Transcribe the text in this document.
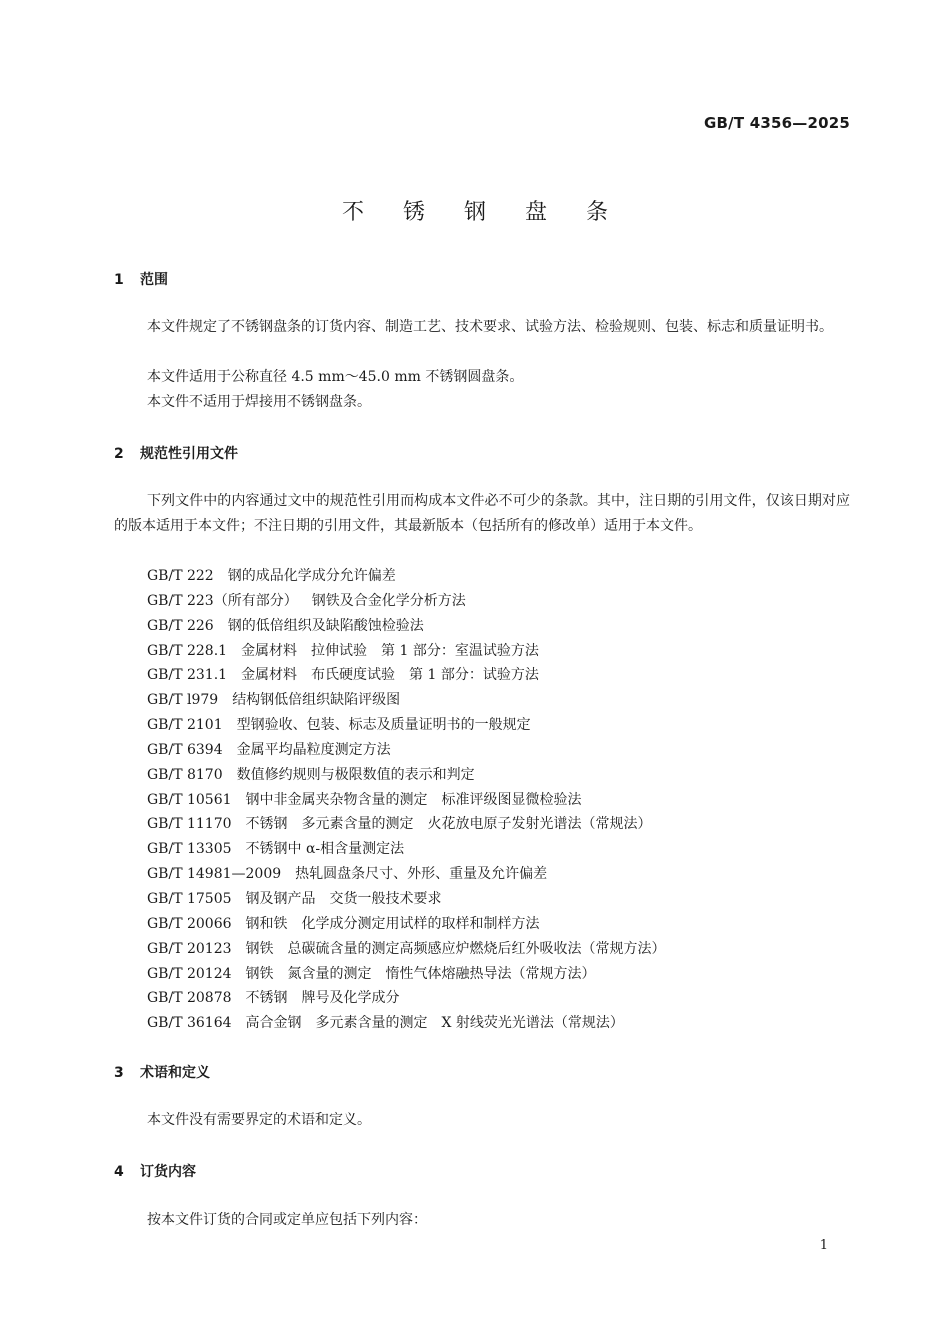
GB/T 4356—2025
不 锈 钢 盘 条
1 范围
本文件规定了不锈钢盘条的订货内容、制造工艺、技术要求、试验方法、检验规则、包装、标志和质量证明书。
本文件适用于公称直径 4.5 mm～45.0 mm 不锈钢圆盘条。
本文件不适用于焊接用不锈钢盘条。
2 规范性引用文件
下列文件中的内容通过文中的规范性引用而构成本文件必不可少的条款。其中，注日期的引用文件，仅该日期对应的版本适用于本文件；不注日期的引用文件，其最新版本（包括所有的修改单）适用于本文件。
GB/T 222 钢的成品化学成分允许偏差
GB/T 223（所有部分） 钢铁及合金化学分析方法
GB/T 226 钢的低倍组织及缺陷酸蚀检验法
GB/T 228.1 金属材料　拉伸试验　第 1 部分：室温试验方法
GB/T 231.1 金属材料　布氏硬度试验　第 1 部分：试验方法
GB/T l979 结构钢低倍组织缺陷评级图
GB/T 2101 型钢验收、包装、标志及质量证明书的一般规定
GB/T 6394 金属平均晶粒度测定方法
GB/T 8170 数值修约规则与极限数值的表示和判定
GB/T 10561 钢中非金属夹杂物含量的测定　标准评级图显微检验法
GB/T 11170 不锈钢　多元素含量的测定　火花放电原子发射光谱法（常规法）
GB/T 13305 不锈钢中 α-相含量测定法
GB/T 14981—2009 热轧圆盘条尺寸、外形、重量及允许偏差
GB/T 17505 钢及钢产品　交货一般技术要求
GB/T 20066 钢和铁　化学成分测定用试样的取样和制样方法
GB/T 20123 钢铁　总碳硫含量的测定高频感应炉燃烧后红外吸收法（常规方法）
GB/T 20124 钢铁　氮含量的测定　惰性气体熔融热导法（常规方法）
GB/T 20878 不锈钢　牌号及化学成分
GB/T 36164 高合金钢　多元素含量的测定　X 射线荧光光谱法（常规法）
3 术语和定义
本文件没有需要界定的术语和定义。
4 订货内容
按本文件订货的合同或定单应包括下列内容：
1
